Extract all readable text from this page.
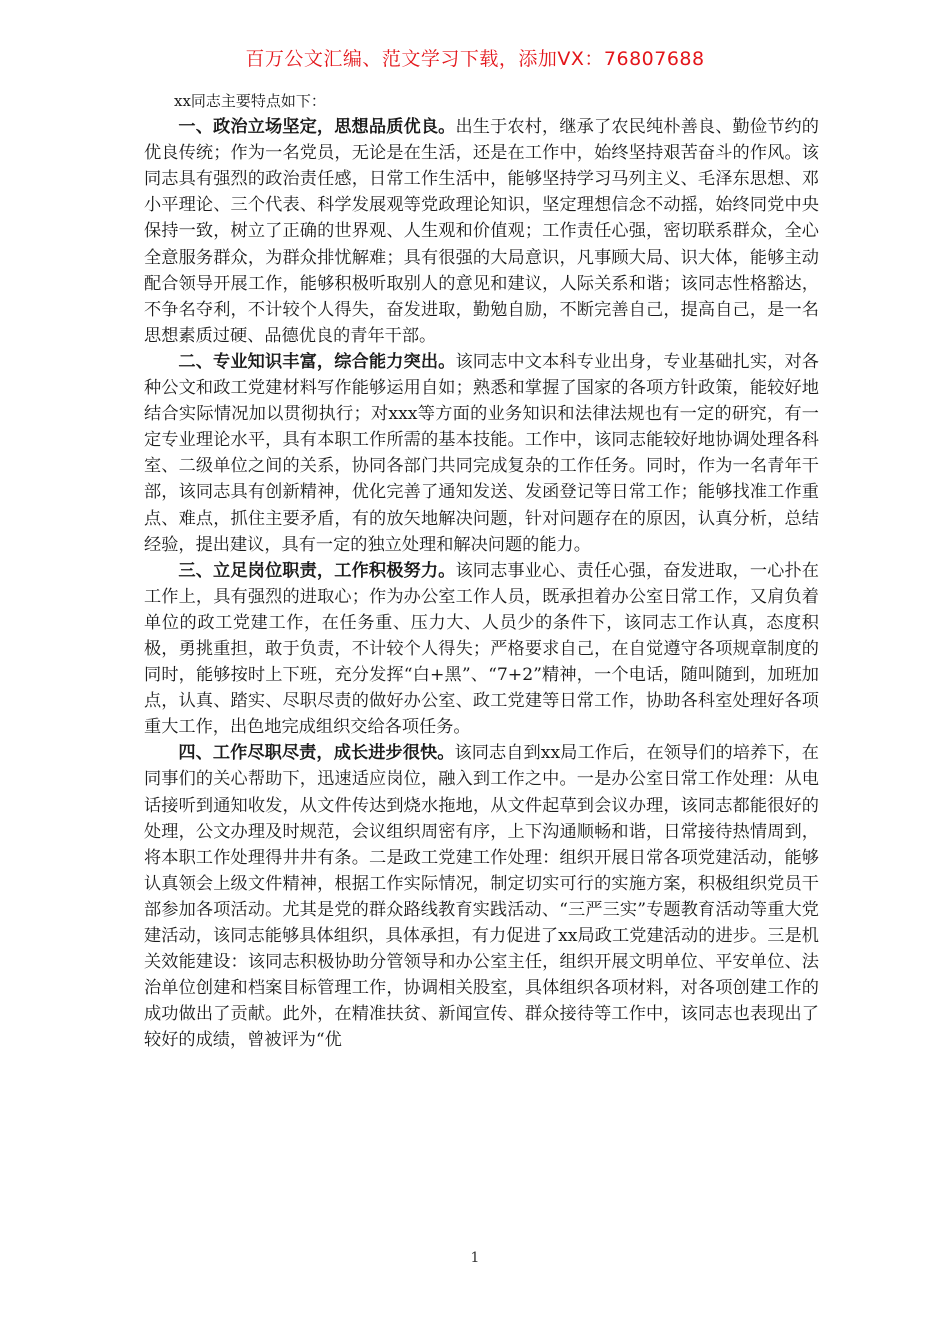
百万公文汇编、范文学习下载，添加VX：76807688

xx同志主要特点如下：

一、政治立场坚定，思想品质优良。出生于农村，继承了农民纯朴善良、勤俭节约的优良传统；作为一名党员，无论是在生活，还是在工作中，始终坚持艰苦奋斗的作风。该同志具有强烈的政治责任感，日常工作生活中，能够坚持学习马列主义、毛泽东思想、邓小平理论、三个代表、科学发展观等党政理论知识，坚定理想信念不动摇，始终同党中央保持一致，树立了正确的世界观、人生观和价值观；工作责任心强，密切联系群众，全心全意服务群众，为群众排忧解难；具有很强的大局意识，凡事顾大局、识大体，能够主动配合领导开展工作，能够积极听取别人的意见和建议，人际关系和谐；该同志性格豁达，不争名夺利，不计较个人得失，奋发进取，勤勉自励，不断完善自己，提高自己，是一名思想素质过硬、品德优良的青年干部。

二、专业知识丰富，综合能力突出。该同志中文本科专业出身，专业基础扎实，对各种公文和政工党建材料写作能够运用自如；熟悉和掌握了国家的各项方针政策，能较好地结合实际情况加以贯彻执行；对xxx等方面的业务知识和法律法规也有一定的研究，有一定专业理论水平，具有本职工作所需的基本技能。工作中，该同志能较好地协调处理各科室、二级单位之间的关系，协同各部门共同完成复杂的工作任务。同时，作为一名青年干部，该同志具有创新精神，优化完善了通知发送、发函登记等日常工作；能够找准工作重点、难点，抓住主要矛盾，有的放矢地解决问题，针对问题存在的原因，认真分析，总结经验，提出建议，具有一定的独立处理和解决问题的能力。

三、立足岗位职责，工作积极努力。该同志事业心、责任心强，奋发进取，一心扑在工作上，具有强烈的进取心；作为办公室工作人员，既承担着办公室日常工作，又肩负着单位的政工党建工作，在任务重、压力大、人员少的条件下，该同志工作认真，态度积极，勇挑重担，敢于负责，不计较个人得失；严格要求自己，在自觉遵守各项规章制度的同时，能够按时上下班，充分发挥“白+黑”、“7+2”精神，一个电话，随叫随到，加班加点，认真、踏实、尽职尽责的做好办公室、政工党建等日常工作，协助各科室处理好各项重大工作，出色地完成组织交给各项任务。

四、工作尽职尽责，成长进步很快。该同志自到xx局工作后，在领导们的培养下，在同事们的关心帮助下，迅速适应岗位，融入到工作之中。一是办公室日常工作处理：从电话接听到通知收发，从文件传达到烧水拖地，从文件起草到会议办理，该同志都能很好的处理，公文办理及时规范，会议组织周密有序，上下沟通顺畅和谐，日常接待热情周到，将本职工作处理得井井有条。二是政工党建工作处理：组织开展日常各项党建活动，能够认真领会上级文件精神，根据工作实际情况，制定切实可行的实施方案，积极组织党员干部参加各项活动。尤其是党的群众路线教育实践活动、“三严三实”专题教育活动等重大党建活动，该同志能够具体组织，具体承担，有力促进了xx局政工党建活动的进步。三是机关效能建设：该同志积极协助分管领导和办公室主任，组织开展文明单位、平安单位、法治单位创建和档案目标管理工作，协调相关股室，具体组织各项材料，对各项创建工作的成功做出了贡献。此外，在精准扶贫、新闻宣传、群众接待等工作中，该同志也表现出了较好的成绩，曾被评为“优

1
